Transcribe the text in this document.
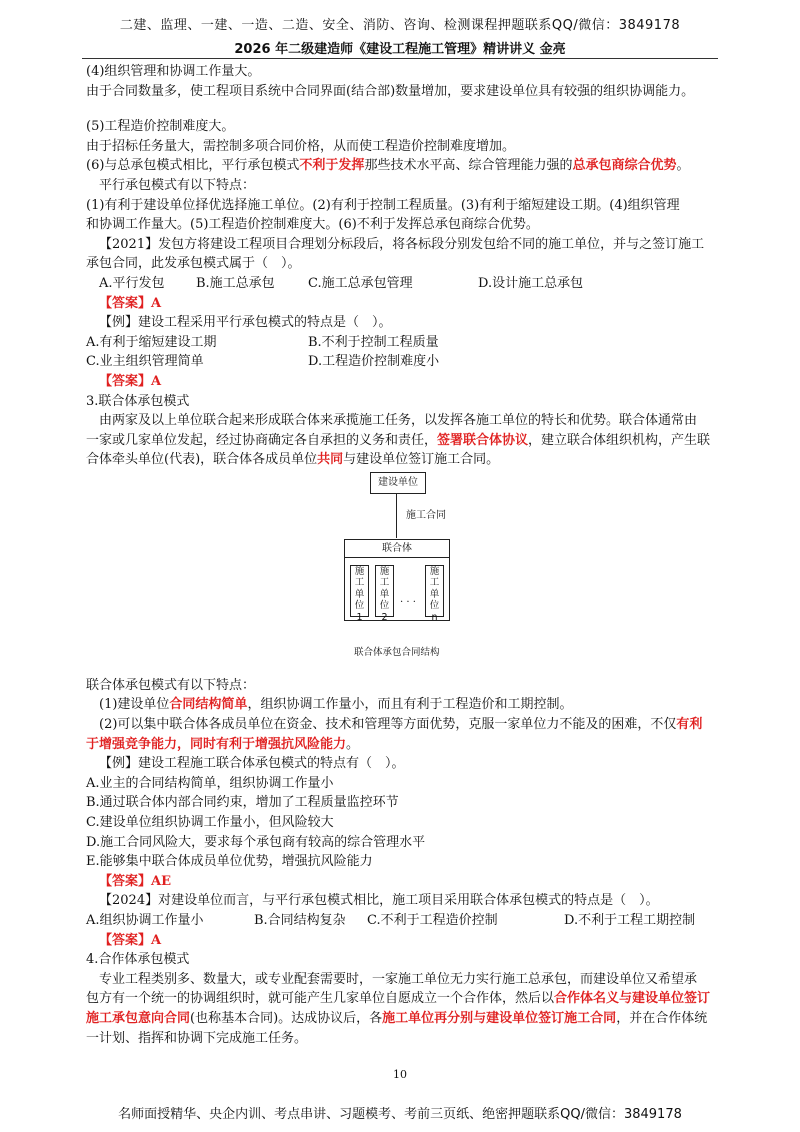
二建、监理、一建、一造、二造、安全、消防、咨询、检测课程押题联系QQ/微信：3849178
2026 年二级建造师《建设工程施工管理》精讲讲义 金亮

(4)组织管理和协调工作量大。

由于合同数量多，使工程项目系统中合同界面(结合部)数量增加，要求建设单位具有较强的组织协调能力。

(5)工程造价控制难度大。

由于招标任务量大，需控制多项合同价格，从而使工程造价控制难度增加。

(6)与总承包模式相比，平行承包模式不利于发挥那些技术水平高、综合管理能力强的总承包商综合优势。

平行承包模式有以下特点：

(1)有利于建设单位择优选择施工单位。(2)有利于控制工程质量。(3)有利于缩短建设工期。(4)组织管理

和协调工作量大。(5)工程造价控制难度大。(6)不利于发挥总承包商综合优势。

【2021】发包方将建设工程项目合理划分标段后，将各标段分别发包给不同的施工单位，并与之签订施工

承包合同，此发承包模式属于（　）。

A.平行发包 B.施工总承包	C.施工总承包管理	D.设计施工总承包

【答案】A

【例】建设工程采用平行承包模式的特点是（　）。

A.有利于缩短建设工期	B.不利于控制工程质量
C.业主组织管理简单	D.工程造价控制难度小

【答案】A

3.联合体承包模式

由两家及以上单位联合起来形成联合体来承揽施工任务，以发挥各施工单位的特长和优势。联合体通常由

一家或几家单位发起，经过协商确定各自承担的义务和责任，签署联合体协议，建立联合体组织机构，产生联

合体牵头单位(代表)，联合体各成员单位共同与建设单位签订施工合同。

建设单位
施工合同
联合体
施
工
单
位
1
施
工
单
位
2
. . .
施
工
单
位
n
联合体承包合同结构

联合体承包模式有以下特点：

(1)建设单位合同结构简单，组织协调工作量小，而且有利于工程造价和工期控制。

(2)可以集中联合体各成员单位在资金、技术和管理等方面优势，克服一家单位力不能及的困难，不仅有利

于增强竞争能力，同时有利于增强抗风险能力。

【例】建设工程施工联合体承包模式的特点有（　）。

A.业主的合同结构简单，组织协调工作量小

B.通过联合体内部合同约束，增加了工程质量监控环节

C.建设单位组织协调工作量小，但风险较大

D.施工合同风险大，要求每个承包商有较高的综合管理水平

E.能够集中联合体成员单位优势，增强抗风险能力

【答案】AE

【2024】对建设单位而言，与平行承包模式相比，施工项目采用联合体承包模式的特点是（　）。

A.组织协调工作量小	B.合同结构复杂 C.不利于工程造价控制	D.不利于工程工期控制

【答案】A

4.合作体承包模式

专业工程类别多、数量大，或专业配套需要时，一家施工单位无力实行施工总承包，而建设单位又希望承

包方有一个统一的协调组织时，就可能产生几家单位自愿成立一个合作体，然后以合作体名义与建设单位签订

施工承包意向合同(也称基本合同)。达成协议后，各施工单位再分别与建设单位签订施工合同，并在合作体统

一计划、指挥和协调下完成施工任务。

10
名师面授精华、央企内训、考点串讲、习题模考、考前三页纸、绝密押题联系QQ/微信：3849178
